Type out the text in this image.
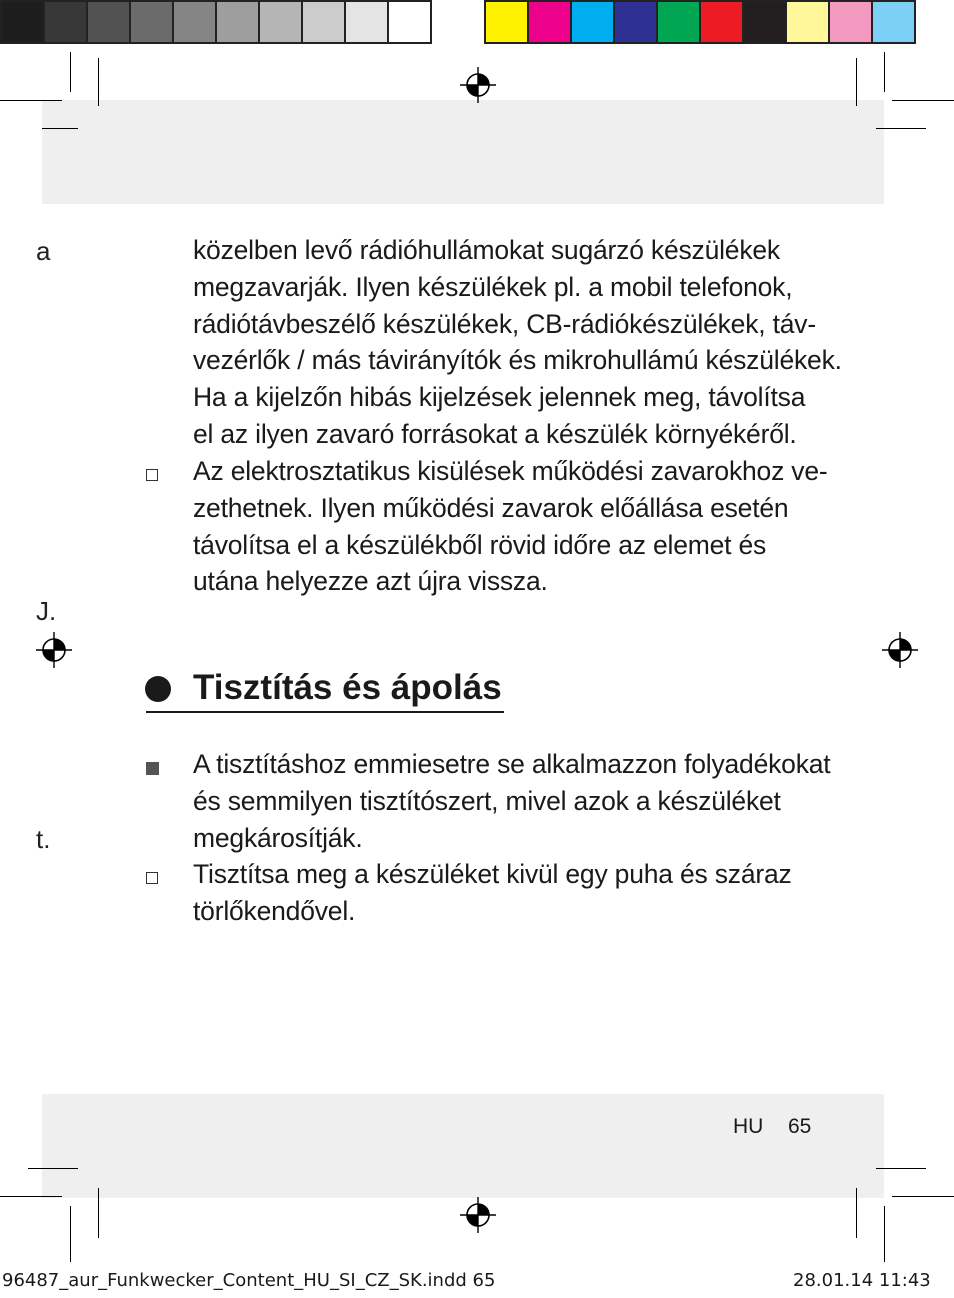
a
J.
t.
közelben levő rádióhullámokat sugárzó készülékek
megzavarják. Ilyen készülékek pl. a mobil telefonok,
rádiótávbeszélő készülékek, CB-rádiókészülékek, táv-
vezérlők / más távirányítók és mikrohullámú készülékek.
Ha a kijelzőn hibás kijelzések jelennek meg, távolítsa
el az ilyen zavaró forrásokat a készülék környékéről.
Az elektrosztatikus kisülések működési zavarokhoz ve-
zethetnek. Ilyen működési zavarok előállása esetén
távolítsa el a készülékből rövid időre az elemet és
utána helyezze azt újra vissza.
Tisztítás és ápolás
A tisztításhoz emmiesetre se alkalmazzon folyadékokat
és semmilyen tisztítószert, mivel azok a készüléket
megkárosítják.
Tisztítsa meg a készüléket kivül egy puha és száraz
törlőkendővel.
HU 65
96487_aur_Funkwecker_Content_HU_SI_CZ_SK.indd 65	28.01.14 11:43
